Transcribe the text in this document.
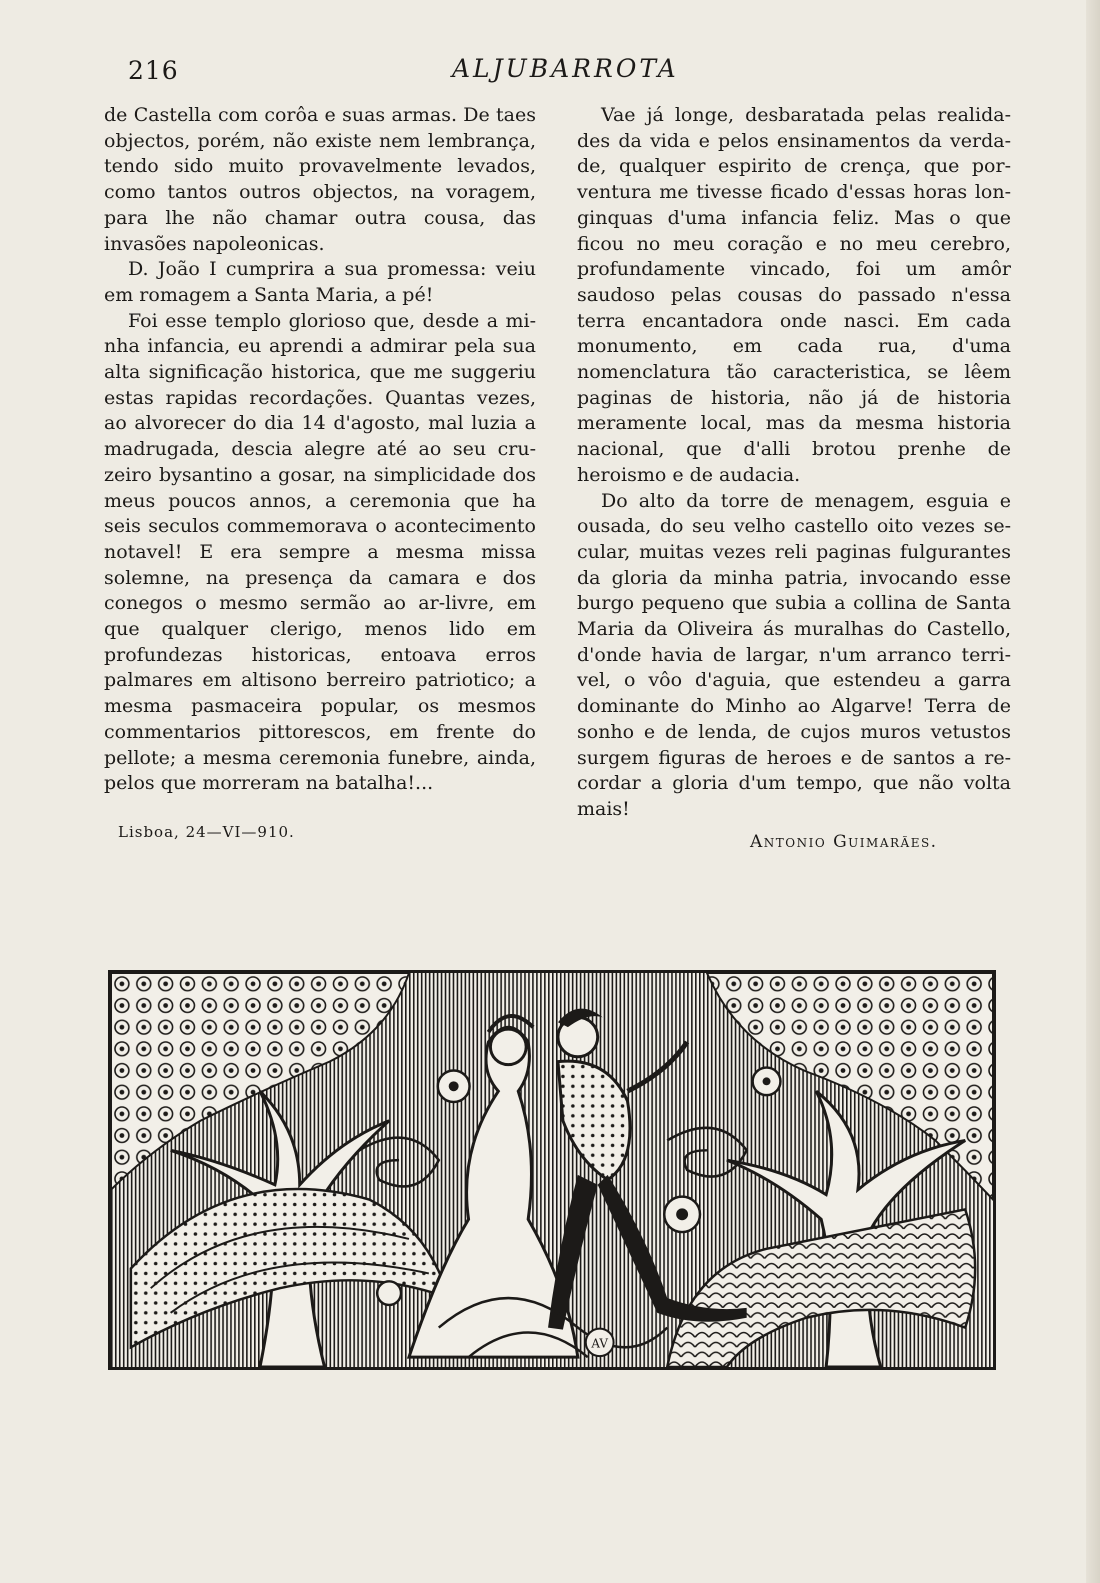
216	ALJUBARROTA

de Castella com corôa e suas armas. De taes objectos, porém, não existe nem lembrança, tendo sido muito provavelmente levados, como tantos outros objectos, na voragem, para lhe não chamar outra cousa, das invasões napoleonicas.

D. João I cumprira a sua promessa: veiu em romagem a Santa Maria, a pé!

Foi esse templo glorioso que, desde a minha infancia, eu aprendi a admirar pela sua alta significação historica, que me suggeriu estas rapidas recordações. Quantas vezes, ao alvorecer do dia 14 d'agosto, mal luzia a madrugada, descia alegre até ao seu cruzeiro bysantino a gosar, na simplicidade dos meus poucos annos, a ceremonia que ha seis seculos commemorava o acontecimento notavel! E era sempre a mesma missa solemne, na presença da camara e dos conegos o mesmo sermão ao ar-livre, em que qualquer clerigo, menos lido em profundezas historicas, entoava erros palmares em altisono berreiro patriotico; a mesma pasmaceira popular, os mesmos commentarios pittorescos, em frente do pellote; a mesma ceremonia funebre, ainda, pelos que morreram na batalha!...

Vae já longe, desbaratada pelas realidades da vida e pelos ensinamentos da verdade, qualquer espirito de crença, que porventura me tivesse ficado d'essas horas longinquas d'uma infancia feliz. Mas o que ficou no meu coração e no meu cerebro, profundamente vincado, foi um amôr saudoso pelas cousas do passado n'essa terra encantadora onde nasci. Em cada monumento, em cada rua, d'uma nomenclatura tão caracteristica, se lêem paginas de historia, não já de historia meramente local, mas da mesma historia nacional, que d'alli brotou prenhe de heroismo e de audacia.

Do alto da torre de menagem, esguia e ousada, do seu velho castello oito vezes secular, muitas vezes reli paginas fulgurantes da gloria da minha patria, invocando esse burgo pequeno que subia a collina de Santa Maria da Oliveira ás muralhas do Castello, d'onde havia de largar, n'um arranco terrivel, o vôo d'aguia, que estendeu a garra dominante do Minho ao Algarve! Terra de sonho e de lenda, de cujos muros vetustos surgem figuras de heroes e de santos a recordar a gloria d'um tempo, que não volta mais!

Lisboa, 24—VI—910.	Antonio Guimarães.
AV
